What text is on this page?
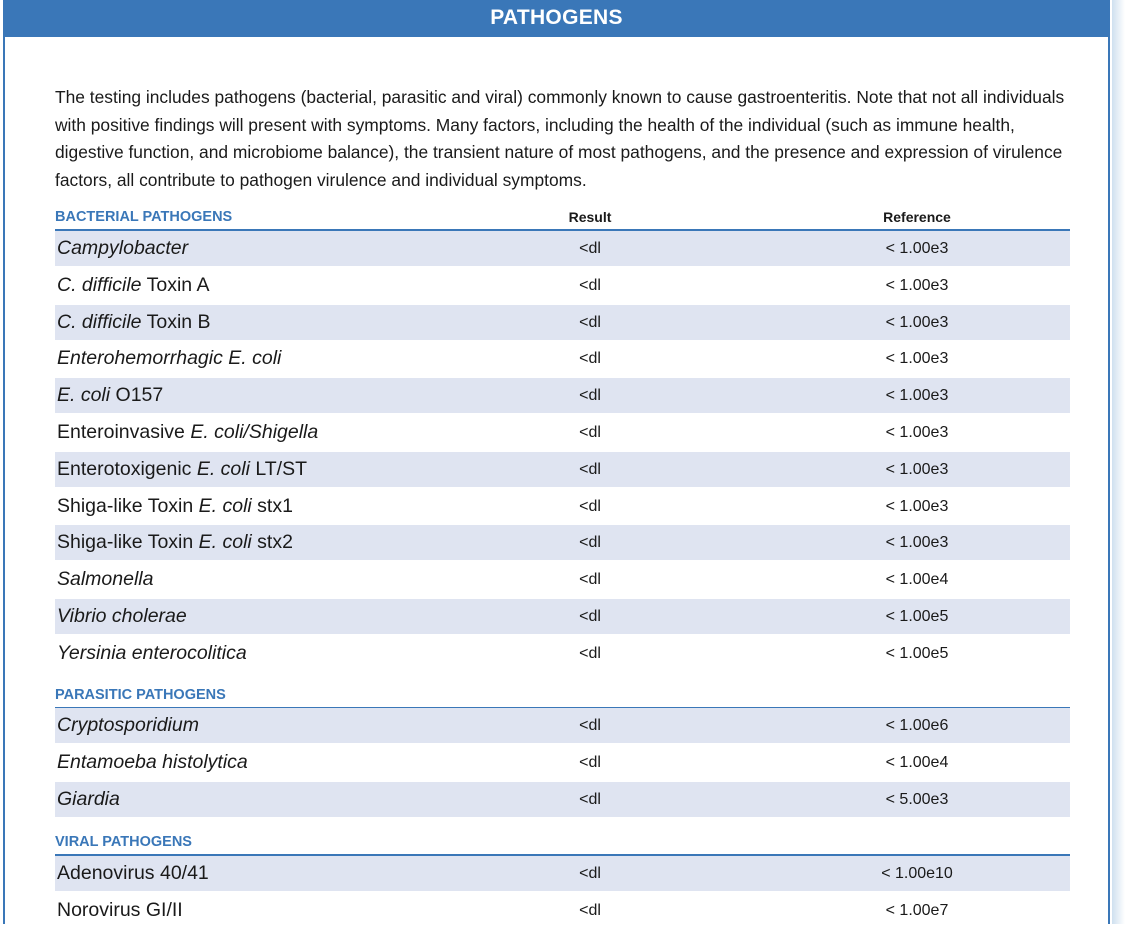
PATHOGENS
The testing includes pathogens (bacterial, parasitic and viral) commonly known to cause gastroenteritis. Note that not all individuals with positive findings will present with symptoms. Many factors, including the health of the individual (such as immune health, digestive function, and microbiome balance), the transient nature of most pathogens, and the presence and expression of virulence factors, all contribute to pathogen virulence and individual symptoms.
BACTERIAL PATHOGENS	Result	Reference
Campylobacter	<dl	< 1.00e3
C. difficile Toxin A	<dl	< 1.00e3
C. difficile Toxin B	<dl	< 1.00e3
Enterohemorrhagic E. coli	<dl	< 1.00e3
E. coli O157	<dl	< 1.00e3
Enteroinvasive E. coli/Shigella	<dl	< 1.00e3
Enterotoxigenic E. coli LT/ST	<dl	< 1.00e3
Shiga-like Toxin E. coli stx1	<dl	< 1.00e3
Shiga-like Toxin E. coli stx2	<dl	< 1.00e3
Salmonella	<dl	< 1.00e4
Vibrio cholerae	<dl	< 1.00e5
Yersinia enterocolitica	<dl	< 1.00e5
PARASITIC PATHOGENS
Cryptosporidium	<dl	< 1.00e6
Entamoeba histolytica	<dl	< 1.00e4
Giardia	<dl	< 5.00e3
VIRAL PATHOGENS
Adenovirus 40/41	<dl	< 1.00e10
Norovirus GI/II	<dl	< 1.00e7
